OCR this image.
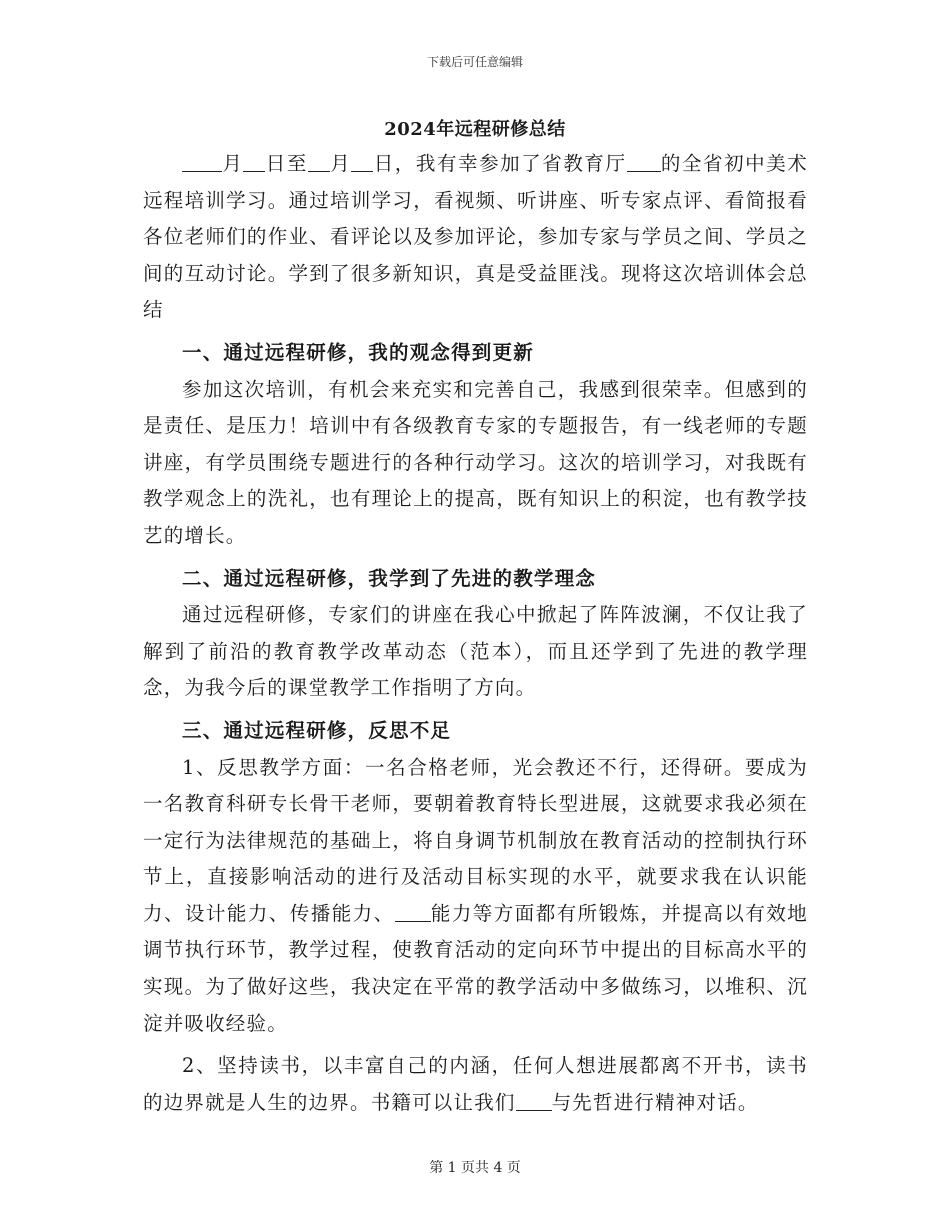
下载后可任意编辑
2024年远程研修总结

月 日至 月 日，我有幸参加了省教育厅 的全省初中美术远程培训学习。通过培训学习，看视频、听讲座、听专家点评、看简报看各位老师们的作业、看评论以及参加评论，参加专家与学员之间、学员之间的互动讨论。学到了很多新知识，真是受益匪浅。现将这次培训体会总结

一、通过远程研修，我的观念得到更新

参加这次培训，有机会来充实和完善自己，我感到很荣幸。但感到的是责任、是压力！培训中有各级教育专家的专题报告，有一线老师的专题讲座，有学员围绕专题进行的各种行动学习。这次的培训学习，对我既有教学观念上的洗礼，也有理论上的提高，既有知识上的积淀，也有教学技艺的增长。

二、通过远程研修，我学到了先进的教学理念

通过远程研修，专家们的讲座在我心中掀起了阵阵波澜，不仅让我了解到了前沿的教育教学改革动态（范本），而且还学到了先进的教学理念，为我今后的课堂教学工作指明了方向。

三、通过远程研修，反思不足

1、反思教学方面：一名合格老师，光会教还不行，还得研。要成为一名教育科研专长骨干老师，要朝着教育特长型进展，这就要求我必须在一定行为法律规范的基础上，将自身调节机制放在教育活动的控制执行环节上，直接影响活动的进行及活动目标实现的水平，就要求我在认识能力、设计能力、传播能力、 能力等方面都有所锻炼，并提高以有效地调节执行环节，教学过程，使教育活动的定向环节中提出的目标高水平的实现。为了做好这些，我决定在平常的教学活动中多做练习，以堆积、沉淀并吸收经验。

2、坚持读书，以丰富自己的内涵，任何人想进展都离不开书，读书的边界就是人生的边界。书籍可以让我们 与先哲进行精神对话。

第 1 页共 4 页
